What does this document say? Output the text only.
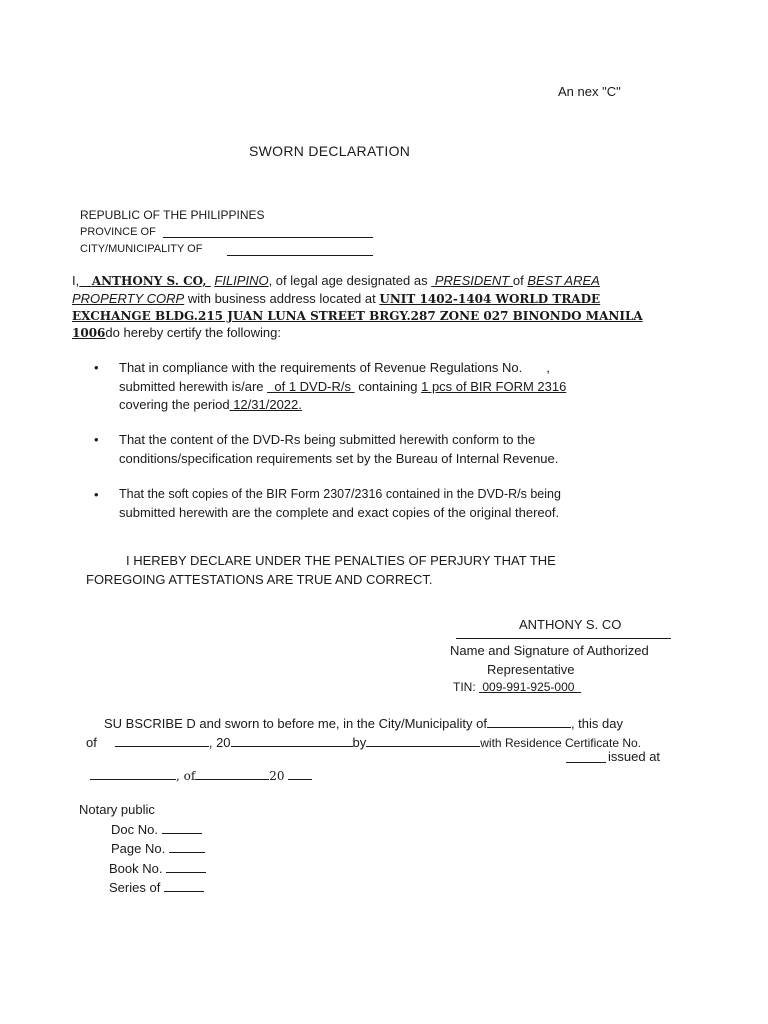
An nex "C"
SWORN DECLARATION
REPUBLIC OF THE PHILIPPINES
PROVINCE OF
CITY/MUNICIPALITY OF
I, ANTHONY S. CO, FILIPINO, of legal age designated as PRESIDENT of BEST AREA
PROPERTY CORP with business address located at UNIT 1402-1404 WORLD TRADE
EXCHANGE BLDG.215 JUAN LUNA STREET BRGY.287 ZONE 027 BINONDO MANILA
1006do hereby certify the following:
• That in compliance with the requirements of Revenue Regulations No. ,
submitted herewith is/are of 1 DVD-R/s containing 1 pcs of BIR FORM 2316
covering the period 12/31/2022.
• That the content of the DVD-Rs being submitted herewith conform to the
conditions/specification requirements set by the Bureau of Internal Revenue.
• That the soft copies of the BIR Form 2307/2316 contained in the DVD-R/s being
submitted herewith are the complete and exact copies of the original thereof.
I HEREBY DECLARE UNDER THE PENALTIES OF PERJURY THAT THE
FOREGOING ATTESTATIONS ARE TRUE AND CORRECT.
ANTHONY S. CO
Name and Signature of Authorized
Representative
TIN: 009-991-925-000
SU BSCRIBE D and sworn to before me, in the City/Municipality of	, this day
of	, 20	by	with Residence Certificate No.
issued at
, of	20
Notary public
Doc No.
Page No.
Book No.
Series of
